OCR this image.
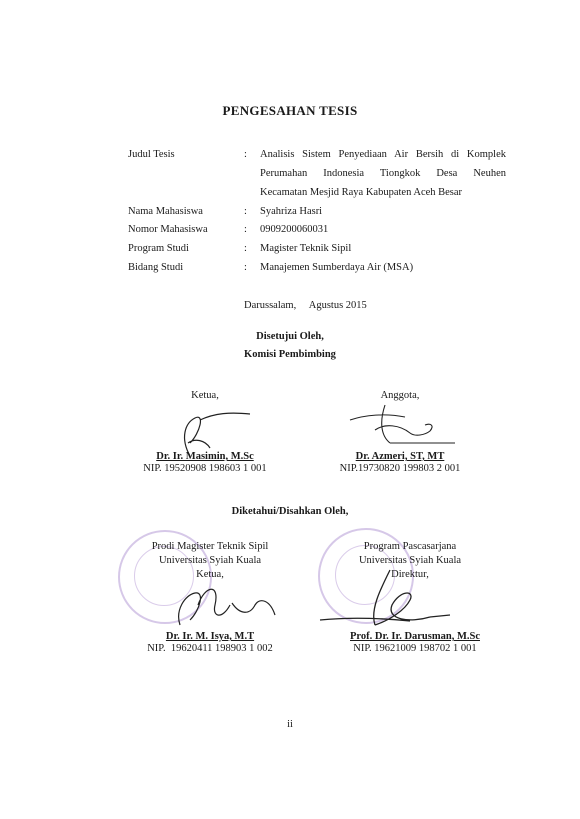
PENGESAHAN TESIS
Judul Tesis	: Analisis Sistem Penyediaan Air Bersih di Komplek
Perumahan Indonesia Tiongkok Desa Neuhen
Kecamatan Mesjid Raya Kabupaten Aceh Besar
Nama Mahasiswa	: Syahriza Hasri
Nomor Mahasiswa	: 0909200060031
Program Studi	: Magister Teknik Sipil
Bidang Studi	: Manajemen Sumberdaya Air (MSA)
Darussalam,     Agustus 2015
Disetujui Oleh,
Komisi Pembimbing
Ketua,	Anggota,
Dr. Ir. Masimin, M.Sc
NIP. 19520908 198603 1 001
Dr. Azmeri, ST, MT
NIP.19730820 199803 2 001
Diketahui/Disahkan Oleh,
Prodi Magister Teknik Sipil
Universitas Syiah Kuala
Ketua,
Program Pascasarjana
Universitas Syiah Kuala
Direktur,
Dr. Ir. M. Isya, M.T
NIP.  19620411 198903 1 002
Prof. Dr. Ir. Darusman, M.Sc
NIP. 19621009 198702 1 001
ii
